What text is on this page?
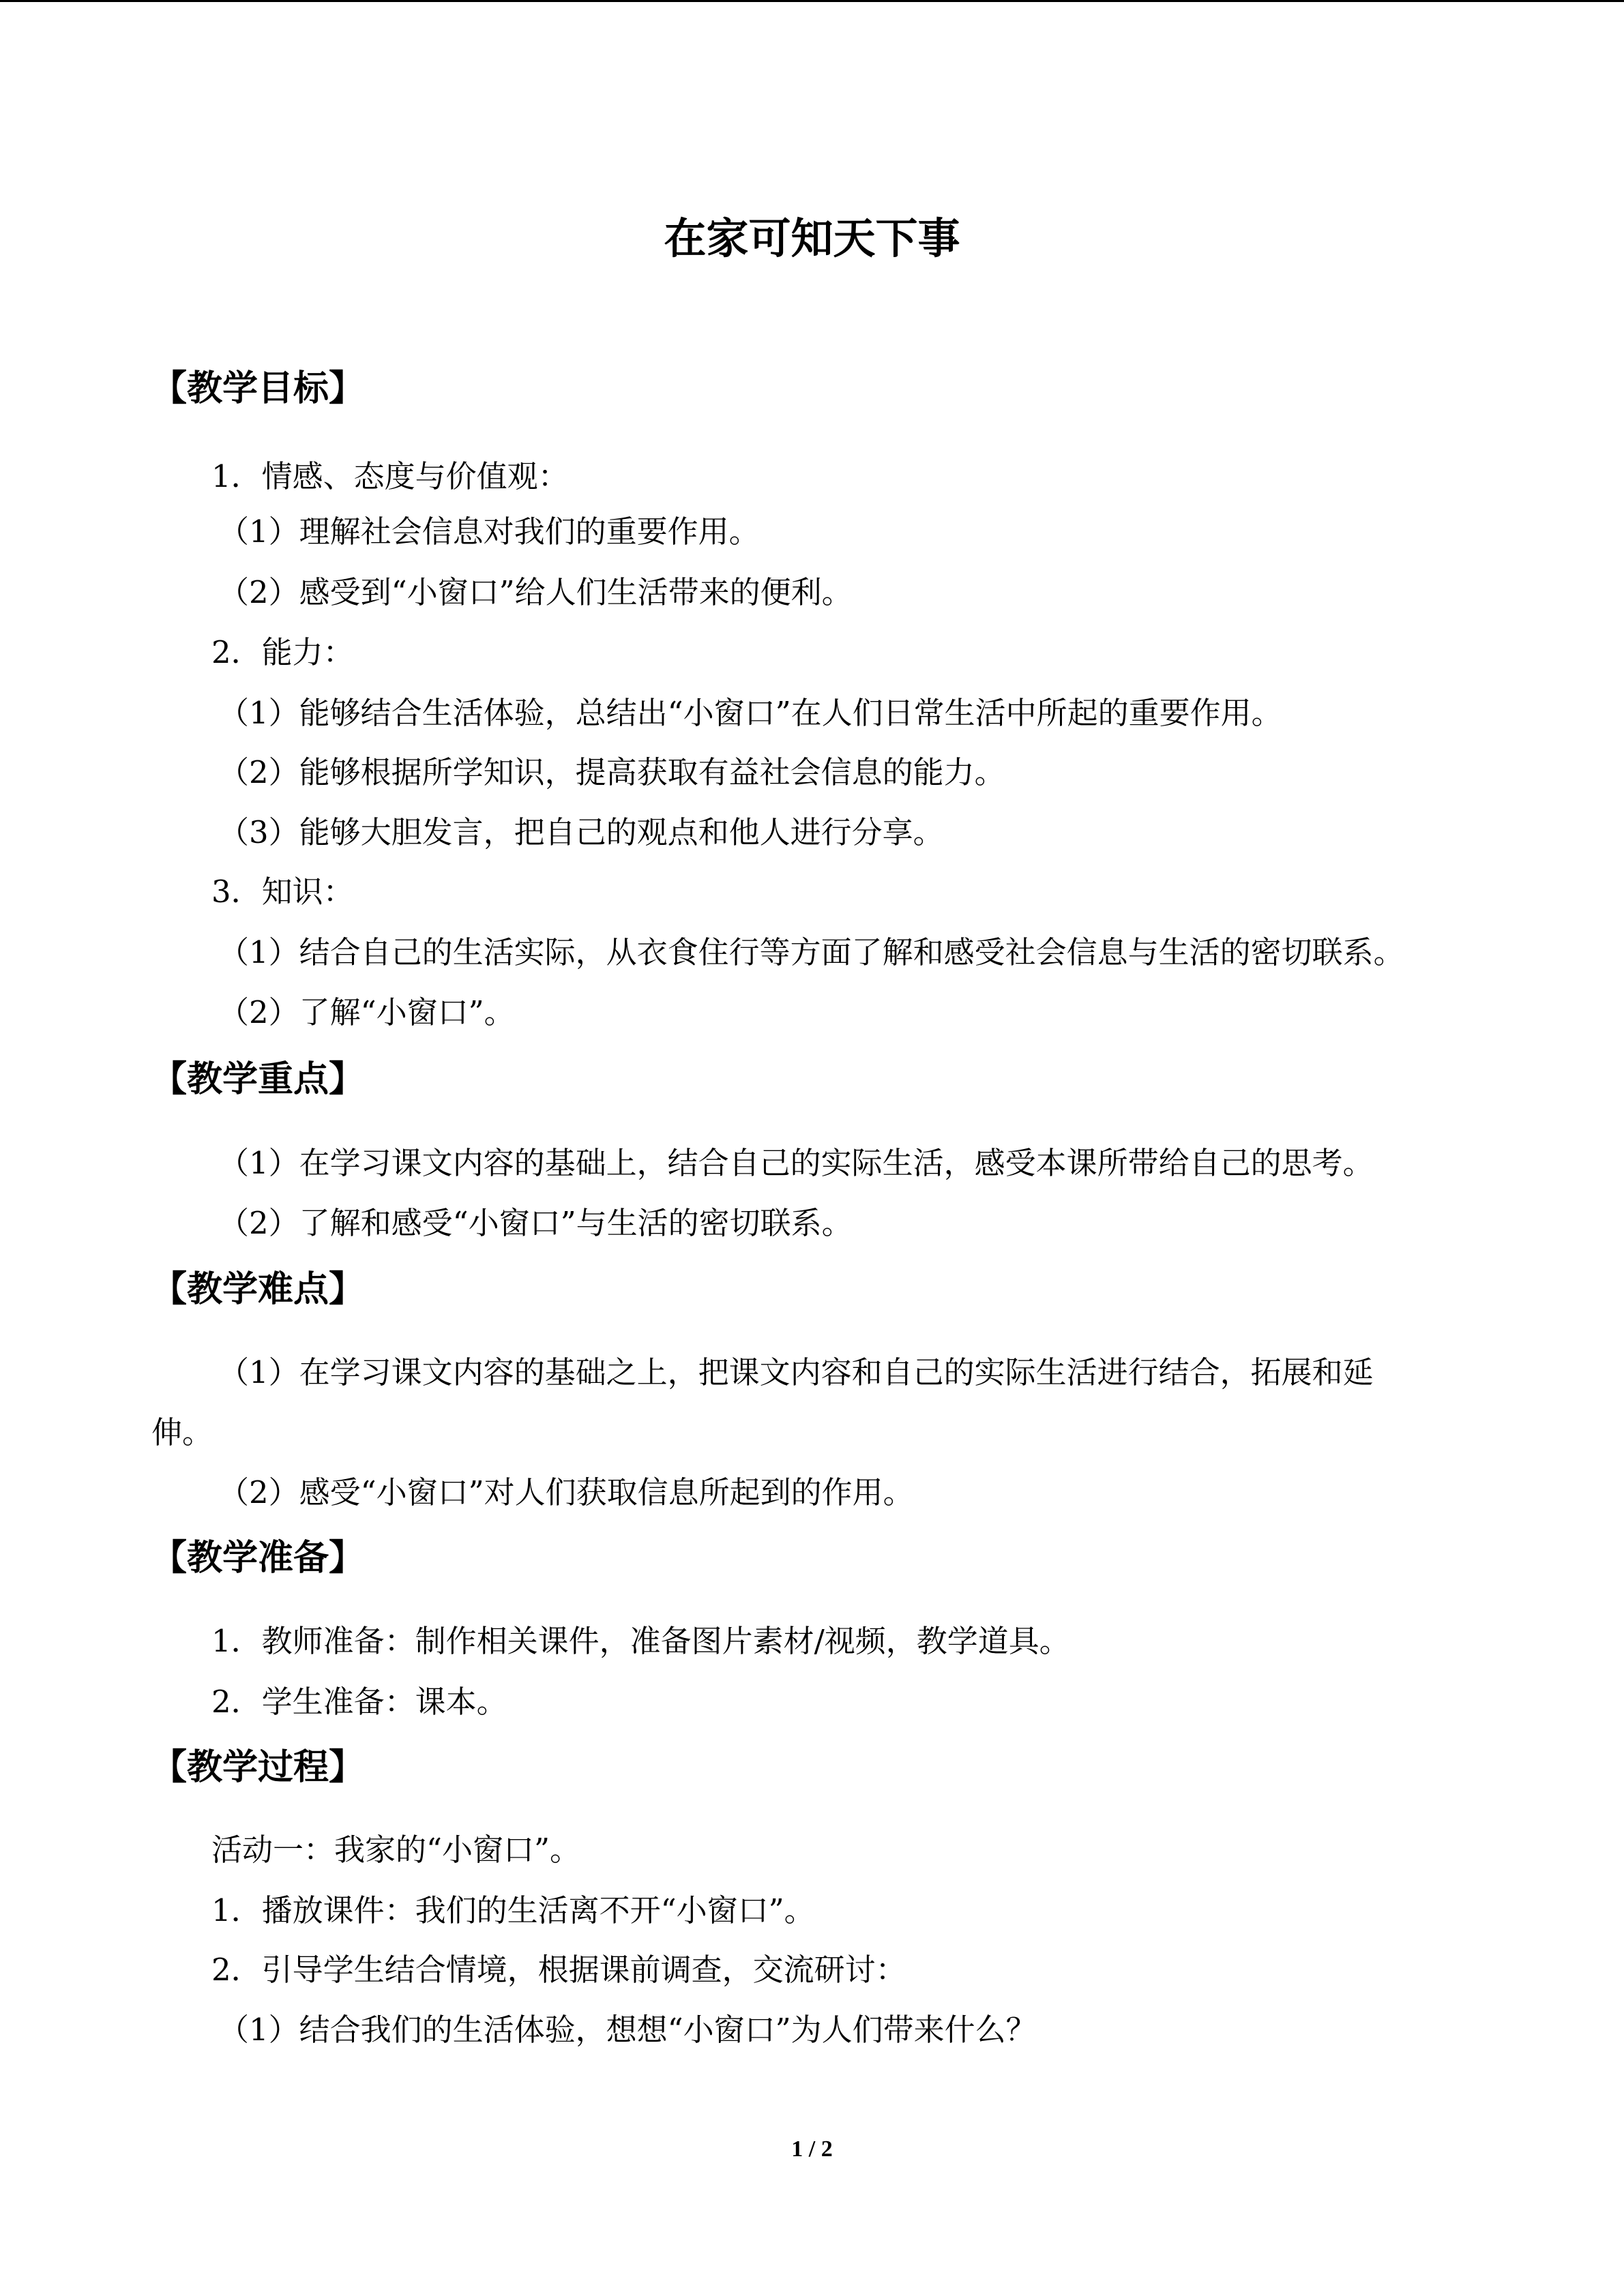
在家可知天下事
【教学目标】
1．情感、态度与价值观：
（1）理解社会信息对我们的重要作用。
（2）感受到“小窗口”给人们生活带来的便利。
2．能力：
（1）能够结合生活体验，总结出“小窗口”在人们日常生活中所起的重要作用。
（2）能够根据所学知识，提高获取有益社会信息的能力。
（3）能够大胆发言，把自己的观点和他人进行分享。
3．知识：
（1）结合自己的生活实际，从衣食住行等方面了解和感受社会信息与生活的密切联系。
（2）了解“小窗口”。
【教学重点】
（1）在学习课文内容的基础上，结合自己的实际生活，感受本课所带给自己的思考。
（2）了解和感受“小窗口”与生活的密切联系。
【教学难点】
（1）在学习课文内容的基础之上，把课文内容和自己的实际生活进行结合，拓展和延
伸。
（2）感受“小窗口”对人们获取信息所起到的作用。
【教学准备】
1．教师准备：制作相关课件，准备图片素材/视频，教学道具。
2．学生准备：课本。
【教学过程】
活动一：我家的“小窗口”。
1．播放课件：我们的生活离不开“小窗口”。
2．引导学生结合情境，根据课前调查，交流研讨：
（1）结合我们的生活体验，想想“小窗口”为人们带来什么？
1 / 2
